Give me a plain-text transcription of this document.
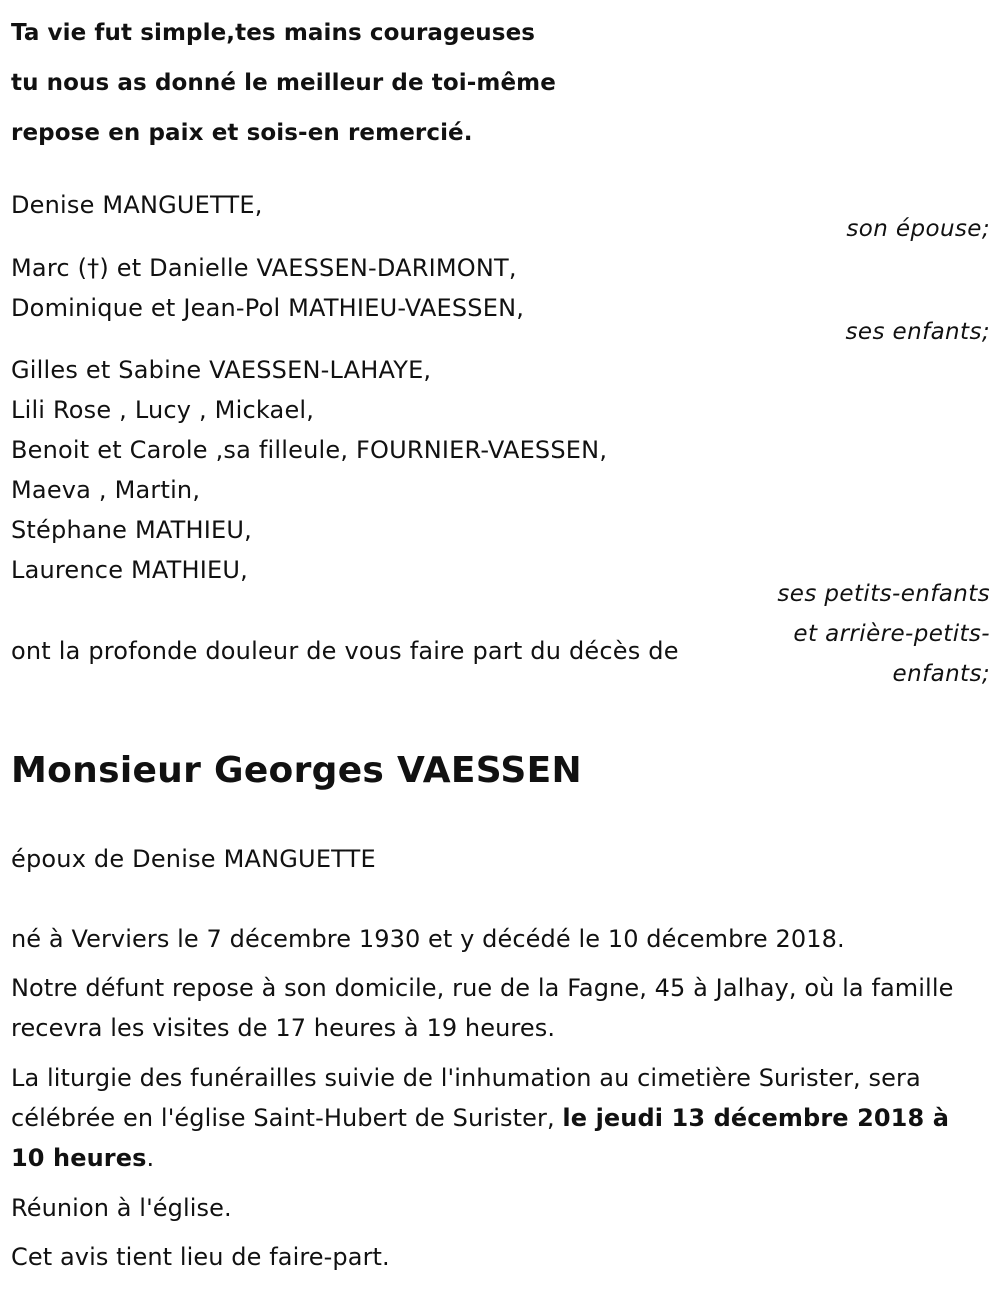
Ta vie fut simple,tes mains courageuses
tu nous as donné le meilleur de toi-même
repose en paix et sois-en remercié.
Denise MANGUETTE,
son épouse;
Marc (†) et Danielle VAESSEN-DARIMONT,
Dominique et Jean-Pol MATHIEU-VAESSEN,
ses enfants;
Gilles et Sabine VAESSEN-LAHAYE,
Lili Rose , Lucy , Mickael,
Benoit et Carole ,sa filleule, FOURNIER-VAESSEN,
Maeva , Martin,
Stéphane MATHIEU,
Laurence MATHIEU,
ses petits-enfants
et arrière-petits-
enfants;
ont la profonde douleur de vous faire part du décès de
Monsieur Georges VAESSEN
époux de Denise MANGUETTE
né à Verviers le 7 décembre 1930 et y décédé le 10 décembre 2018.
Notre défunt repose à son domicile, rue de la Fagne, 45 à Jalhay, où la famille recevra les visites de 17 heures à 19 heures.
La liturgie des funérailles suivie de l'inhumation au cimetière Surister, sera célébrée en l'église Saint-Hubert de Surister, le jeudi 13 décembre 2018 à 10 heures.
Réunion à l'église.
Cet avis tient lieu de faire-part.
